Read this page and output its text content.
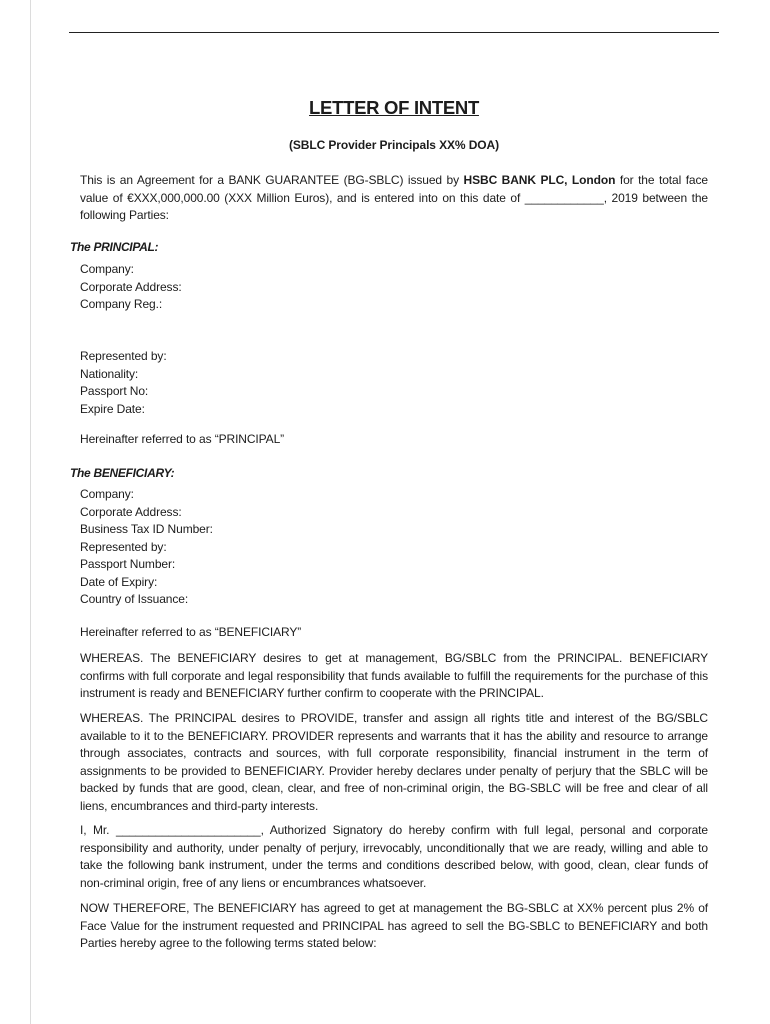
LETTER OF INTENT
(SBLC Provider Principals XX% DOA)
This is an Agreement for a BANK GUARANTEE (BG-SBLC) issued by HSBC BANK PLC, London for the total face value of €XXX,000,000.00 (XXX Million Euros), and is entered into on this date of ____________, 2019 between the following Parties:
The PRINCIPAL:
Company:
Corporate Address:
Company Reg.:
Represented by:
Nationality:
Passport No:
Expire Date:
Hereinafter referred to as “PRINCIPAL”
The BENEFICIARY:
Company:
Corporate Address:
Business Tax ID Number:
Represented by:
Passport Number:
Date of Expiry:
Country of Issuance:
Hereinafter referred to as “BENEFICIARY”
WHEREAS. The BENEFICIARY desires to get at management, BG/SBLC from the PRINCIPAL. BENEFICIARY confirms with full corporate and legal responsibility that funds available to fulfill the requirements for the purchase of this instrument is ready and BENEFICIARY further confirm to cooperate with the PRINCIPAL.
WHEREAS. The PRINCIPAL desires to PROVIDE, transfer and assign all rights title and interest of the BG/SBLC available to it to the BENEFICIARY. PROVIDER represents and warrants that it has the ability and resource to arrange through associates, contracts and sources, with full corporate responsibility, financial instrument in the term of assignments to be provided to BENEFICIARY. Provider hereby declares under penalty of perjury that the SBLC will be backed by funds that are good, clean, clear, and free of non-criminal origin, the BG-SBLC will be free and clear of all liens, encumbrances and third-party interests.
I, Mr. ______________________, Authorized Signatory do hereby confirm with full legal, personal and corporate responsibility and authority, under penalty of perjury, irrevocably, unconditionally that we are ready, willing and able to take the following bank instrument, under the terms and conditions described below, with good, clean, clear funds of non-criminal origin, free of any liens or encumbrances whatsoever.
NOW THEREFORE, The BENEFICIARY has agreed to get at management the BG-SBLC at XX% percent plus 2% of Face Value for the instrument requested and PRINCIPAL has agreed to sell the BG-SBLC to BENEFICIARY and both Parties hereby agree to the following terms stated below:
